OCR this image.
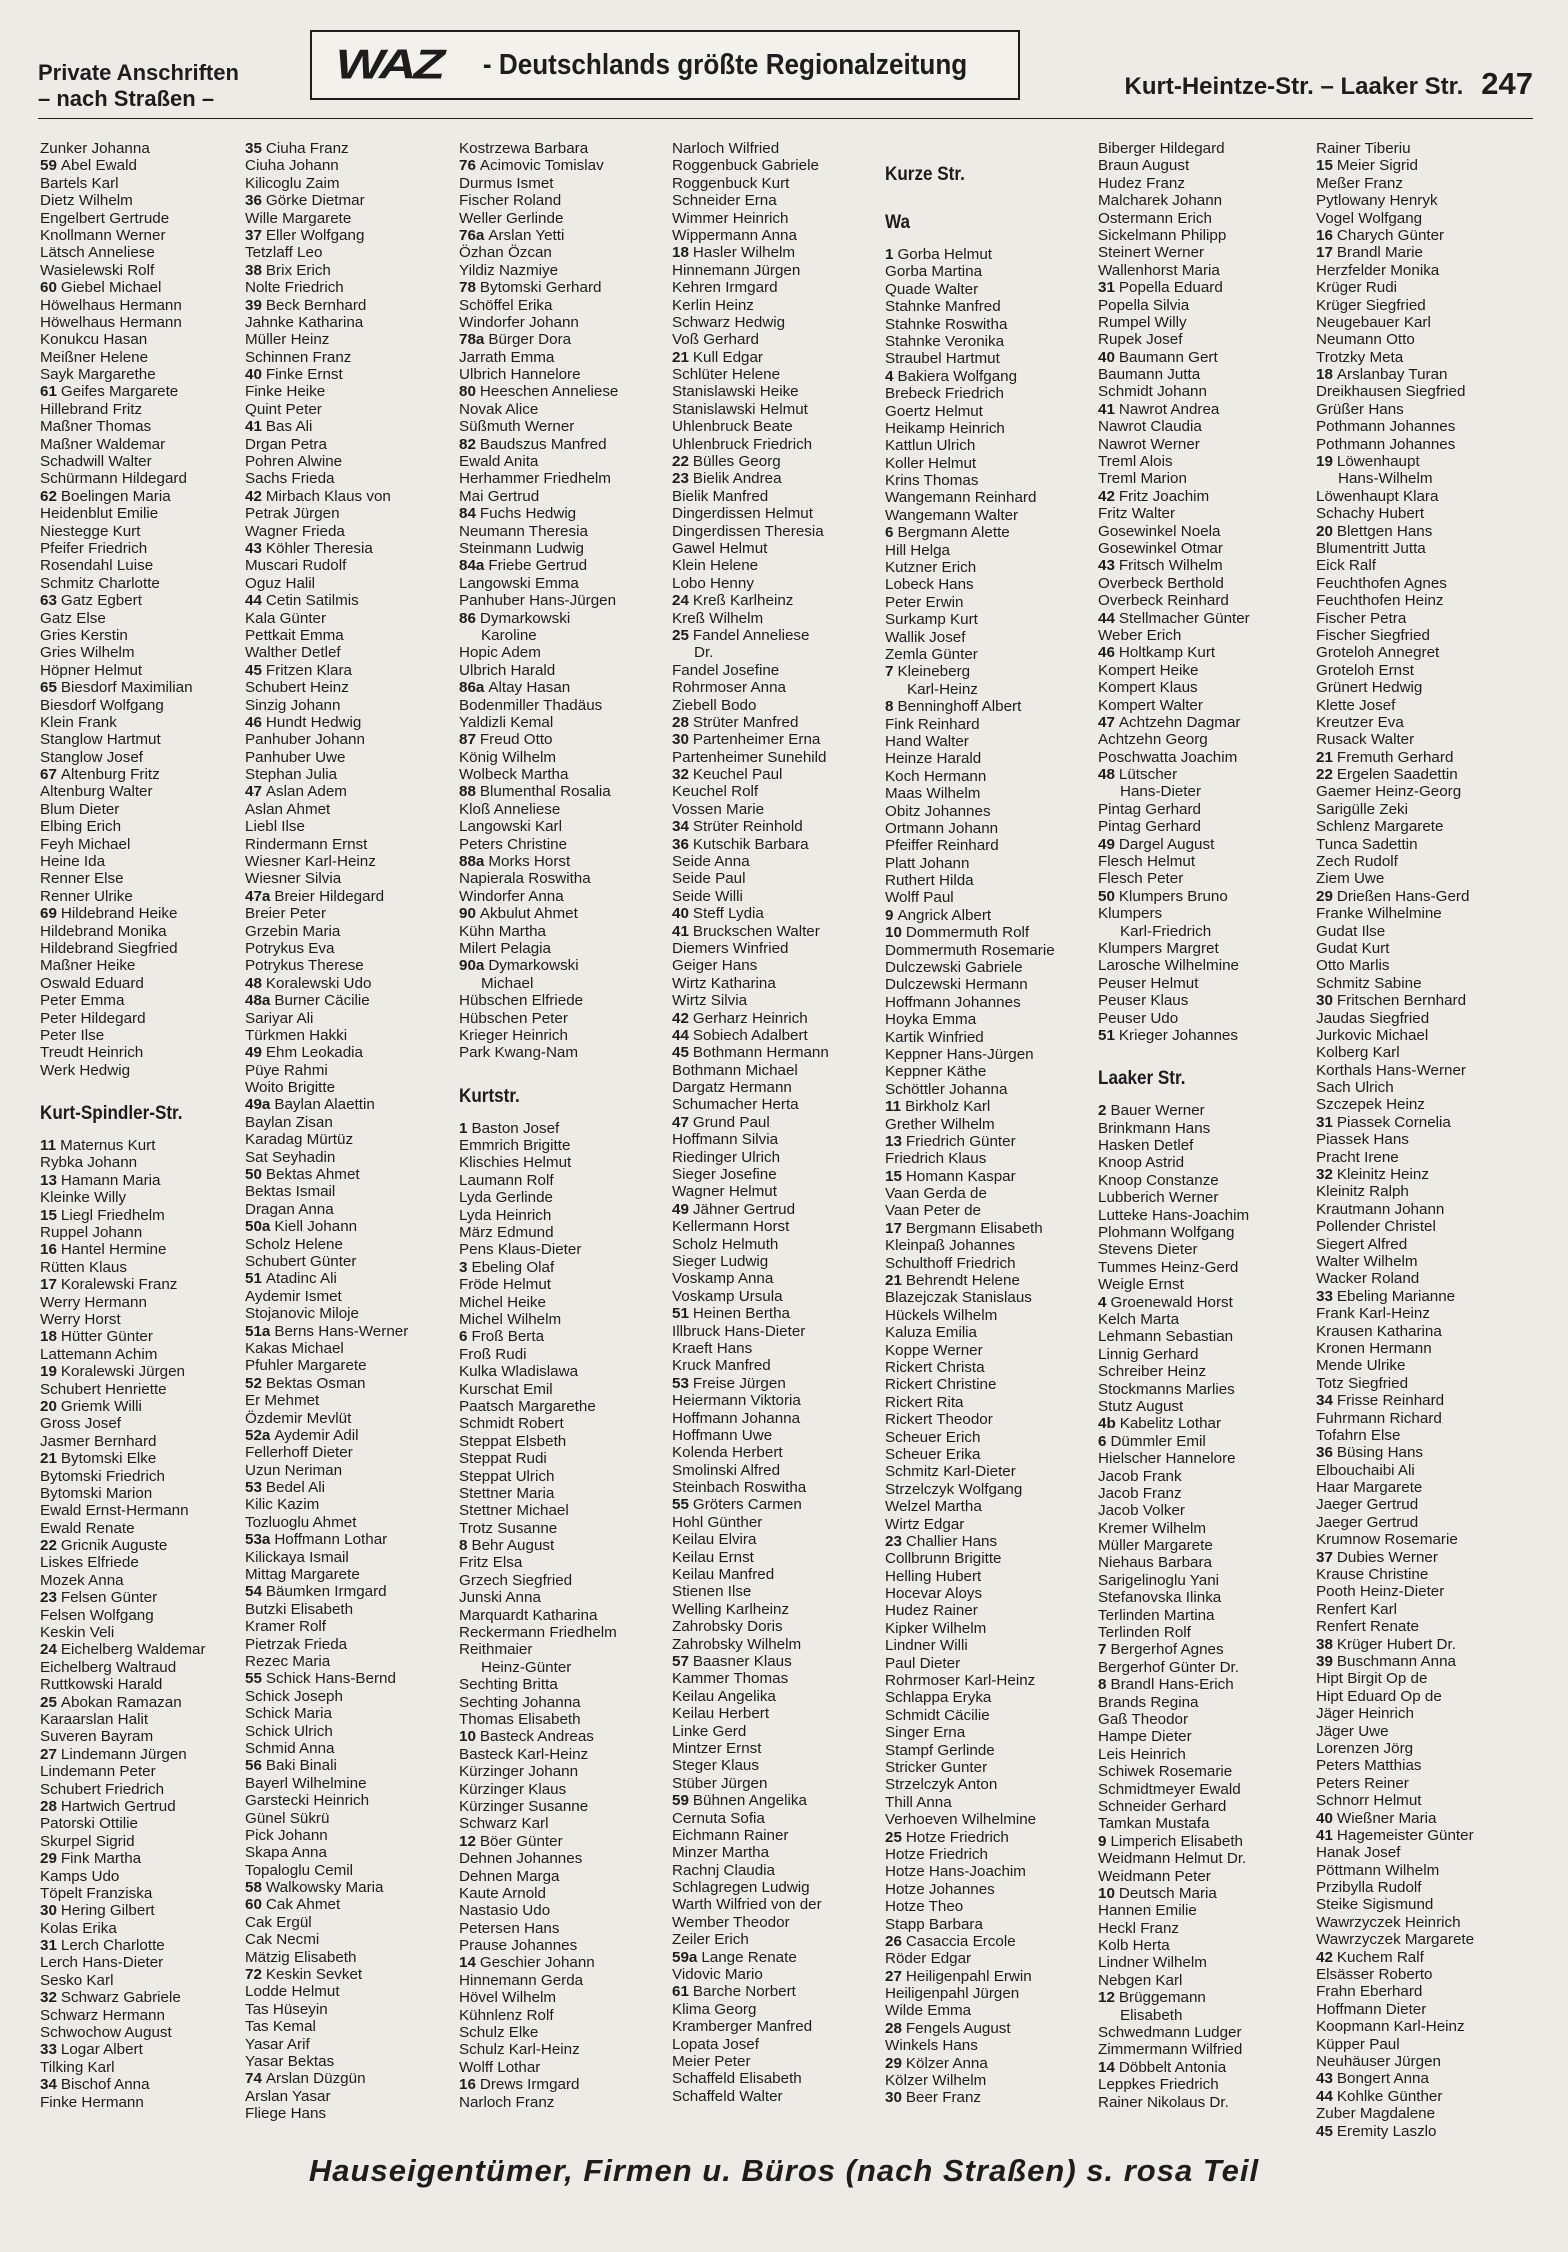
Private Anschriften
– nach Straßen –
WAZ - Deutschlands größte Regionalzeitung
Kurt-Heintze-Str. – Laaker Str. 247
Zunker Johanna
59 Abel Ewald
Bartels Karl
Dietz Wilhelm
Engelbert Gertrude
Knollmann Werner
Lätsch Anneliese
Wasielewski Rolf
60 Giebel Michael
Höwelhaus Hermann
Höwelhaus Hermann
Konukcu Hasan
Meißner Helene
Sayk Margarethe
61 Geifes Margarete
Hillebrand Fritz
Maßner Thomas
Maßner Waldemar
Schadwill Walter
Schürmann Hildegard
62 Boelingen Maria
Heidenblut Emilie
Niestegge Kurt
Pfeifer Friedrich
Rosendahl Luise
Schmitz Charlotte
63 Gatz Egbert
Gatz Else
Gries Kerstin
Gries Wilhelm
Höpner Helmut
65 Biesdorf Maximilian
Biesdorf Wolfgang
Klein Frank
Stanglow Hartmut
Stanglow Josef
67 Altenburg Fritz
Altenburg Walter
Blum Dieter
Elbing Erich
Feyh Michael
Heine Ida
Renner Else
Renner Ulrike
69 Hildebrand Heike
Hildebrand Monika
Hildebrand Siegfried
Maßner Heike
Oswald Eduard
Peter Emma
Peter Hildegard
Peter Ilse
Treudt Heinrich
Werk Hedwig
Kurt-Spindler-Str.
11 Maternus Kurt
Rybka Johann
13 Hamann Maria
Kleinke Willy
15 Liegl Friedhelm
Ruppel Johann
16 Hantel Hermine
Rütten Klaus
17 Koralewski Franz
Werry Hermann
Werry Horst
18 Hütter Günter
Lattemann Achim
19 Koralewski Jürgen
Schubert Henriette
20 Griemk Willi
Gross Josef
Jasmer Bernhard
21 Bytomski Elke
Bytomski Friedrich
Bytomski Marion
Ewald Ernst-Hermann
Ewald Renate
22 Gricnik Auguste
Liskes Elfriede
Mozek Anna
23 Felsen Günter
Felsen Wolfgang
Keskin Veli
24 Eichelberg Waldemar
Eichelberg Waltraud
Ruttkowski Harald
25 Abokan Ramazan
Karaarslan Halit
Suveren Bayram
27 Lindemann Jürgen
Lindemann Peter
Schubert Friedrich
28 Hartwich Gertrud
Patorski Ottilie
Skurpel Sigrid
29 Fink Martha
Kamps Udo
Töpelt Franziska
30 Hering Gilbert
Kolas Erika
31 Lerch Charlotte
Lerch Hans-Dieter
Sesko Karl
32 Schwarz Gabriele
Schwarz Hermann
Schwochow August
33 Logar Albert
Tilking Karl
34 Bischof Anna
Finke Hermann
35 Ciuha Franz
Ciuha Johann
Kilicoglu Zaim
36 Görke Dietmar
Wille Margarete
37 Eller Wolfgang
Tetzlaff Leo
38 Brix Erich
Nolte Friedrich
39 Beck Bernhard
Jahnke Katharina
Müller Heinz
Schinnen Franz
40 Finke Ernst
Finke Heike
Quint Peter
41 Bas Ali
Drgan Petra
Pohren Alwine
Sachs Frieda
42 Mirbach Klaus von
Petrak Jürgen
Wagner Frieda
43 Köhler Theresia
Muscari Rudolf
Oguz Halil
44 Cetin Satilmis
Kala Günter
Pettkait Emma
Walther Detlef
45 Fritzen Klara
Schubert Heinz
Sinzig Johann
46 Hundt Hedwig
Panhuber Johann
Panhuber Uwe
Stephan Julia
47 Aslan Adem
Aslan Ahmet
Liebl Ilse
Rindermann Ernst
Wiesner Karl-Heinz
Wiesner Silvia
47a Breier Hildegard
Breier Peter
Grzebin Maria
Potrykus Eva
Potrykus Therese
48 Koralewski Udo
48a Burner Cäcilie
Sariyar Ali
Türkmen Hakki
49 Ehm Leokadia
Püye Rahmi
Woito Brigitte
49a Baylan Alaettin
Baylan Zisan
Karadag Mürtüz
Sat Seyhadin
50 Bektas Ahmet
Bektas Ismail
Dragan Anna
50a Kiell Johann
Scholz Helene
Schubert Günter
51 Atadinc Ali
Aydemir Ismet
Stojanovic Miloje
51a Berns Hans-Werner
Kakas Michael
Pfuhler Margarete
52 Bektas Osman
Er Mehmet
Özdemir Mevlüt
52a Aydemir Adil
Fellerhoff Dieter
Uzun Neriman
53 Bedel Ali
Kilic Kazim
Tozluoglu Ahmet
53a Hoffmann Lothar
Kilickaya Ismail
Mittag Margarete
54 Bäumken Irmgard
Butzki Elisabeth
Kramer Rolf
Pietrzak Frieda
Rezec Maria
55 Schick Hans-Bernd
Schick Joseph
Schick Maria
Schick Ulrich
Schmid Anna
56 Baki Binali
Bayerl Wilhelmine
Garstecki Heinrich
Günel Sükrü
Pick Johann
Skapa Anna
Topaloglu Cemil
58 Walkowsky Maria
60 Cak Ahmet
Cak Ergül
Cak Necmi
Mätzig Elisabeth
72 Keskin Sevket
Lodde Helmut
Tas Hüseyin
Tas Kemal
Yasar Arif
Yasar Bektas
74 Arslan Düzgün
Arslan Yasar
Fliege Hans
Kostrzewa Barbara
76 Acimovic Tomislav
Durmus Ismet
Fischer Roland
Weller Gerlinde
76a Arslan Yetti
Özhan Özcan
Yildiz Nazmiye
78 Bytomski Gerhard
Schöffel Erika
Windorfer Johann
78a Bürger Dora
Jarrath Emma
Ulbrich Hannelore
80 Heeschen Anneliese
Novak Alice
Süßmuth Werner
82 Baudszus Manfred
Ewald Anita
Herhammer Friedhelm
Mai Gertrud
84 Fuchs Hedwig
Neumann Theresia
Steinmann Ludwig
84a Friebe Gertrud
Langowski Emma
Panhuber Hans-Jürgen
86 Dymarkowski
Karoline
Hopic Adem
Ulbrich Harald
86a Altay Hasan
Bodenmiller Thadäus
Yaldizli Kemal
87 Freud Otto
König Wilhelm
Wolbeck Martha
88 Blumenthal Rosalia
Kloß Anneliese
Langowski Karl
Peters Christine
88a Morks Horst
Napierala Roswitha
Windorfer Anna
90 Akbulut Ahmet
Kühn Martha
Milert Pelagia
90a Dymarkowski
Michael
Hübschen Elfriede
Hübschen Peter
Krieger Heinrich
Park Kwang-Nam
Kurtstr.
1 Baston Josef
Emmrich Brigitte
Klischies Helmut
Laumann Rolf
Lyda Gerlinde
Lyda Heinrich
März Edmund
Pens Klaus-Dieter
3 Ebeling Olaf
Fröde Helmut
Michel Heike
Michel Wilhelm
6 Froß Berta
Froß Rudi
Kulka Wladislawa
Kurschat Emil
Paatsch Margarethe
Schmidt Robert
Steppat Elsbeth
Steppat Rudi
Steppat Ulrich
Stettner Maria
Stettner Michael
Trotz Susanne
8 Behr August
Fritz Elsa
Grzech Siegfried
Junski Anna
Marquardt Katharina
Reckermann Friedhelm
Reithmaier
Heinz-Günter
Sechting Britta
Sechting Johanna
Thomas Elisabeth
10 Basteck Andreas
Basteck Karl-Heinz
Kürzinger Johann
Kürzinger Klaus
Kürzinger Susanne
Schwarz Karl
12 Böer Günter
Dehnen Johannes
Dehnen Marga
Kaute Arnold
Nastasio Udo
Petersen Hans
Prause Johannes
14 Geschier Johann
Hinnemann Gerda
Hövel Wilhelm
Kühnlenz Rolf
Schulz Elke
Schulz Karl-Heinz
Wolff Lothar
16 Drews Irmgard
Narloch Franz
Narloch Wilfried
Roggenbuck Gabriele
Roggenbuck Kurt
Schneider Erna
Wimmer Heinrich
Wippermann Anna
18 Hasler Wilhelm
Hinnemann Jürgen
Kehren Irmgard
Kerlin Heinz
Schwarz Hedwig
Voß Gerhard
21 Kull Edgar
Schlüter Helene
Stanislawski Heike
Stanislawski Helmut
Uhlenbruck Beate
Uhlenbruck Friedrich
22 Bülles Georg
23 Bielik Andrea
Bielik Manfred
Dingerdissen Helmut
Dingerdissen Theresia
Gawel Helmut
Klein Helene
Lobo Henny
24 Kreß Karlheinz
Kreß Wilhelm
25 Fandel Anneliese
Dr.
Fandel Josefine
Rohrmoser Anna
Ziebell Bodo
28 Strüter Manfred
30 Partenheimer Erna
Partenheimer Sunehild
32 Keuchel Paul
Keuchel Rolf
Vossen Marie
34 Strüter Reinhold
36 Kutschik Barbara
Seide Anna
Seide Paul
Seide Willi
40 Steff Lydia
41 Bruckschen Walter
Diemers Winfried
Geiger Hans
Wirtz Katharina
Wirtz Silvia
42 Gerharz Heinrich
44 Sobiech Adalbert
45 Bothmann Hermann
Bothmann Michael
Dargatz Hermann
Schumacher Herta
47 Grund Paul
Hoffmann Silvia
Riedinger Ulrich
Sieger Josefine
Wagner Helmut
49 Jähner Gertrud
Kellermann Horst
Scholz Helmuth
Sieger Ludwig
Voskamp Anna
Voskamp Ursula
51 Heinen Bertha
Illbruck Hans-Dieter
Kraeft Hans
Kruck Manfred
53 Freise Jürgen
Heiermann Viktoria
Hoffmann Johanna
Hoffmann Uwe
Kolenda Herbert
Smolinski Alfred
Steinbach Roswitha
55 Gröters Carmen
Hohl Günther
Keilau Elvira
Keilau Ernst
Keilau Manfred
Stienen Ilse
Welling Karlheinz
Zahrobsky Doris
Zahrobsky Wilhelm
57 Baasner Klaus
Kammer Thomas
Keilau Angelika
Keilau Herbert
Linke Gerd
Mintzer Ernst
Steger Klaus
Stüber Jürgen
59 Bühnen Angelika
Cernuta Sofia
Eichmann Rainer
Minzer Martha
Rachnj Claudia
Schlagregen Ludwig
Warth Wilfried von der
Wember Theodor
Zeiler Erich
59a Lange Renate
Vidovic Mario
61 Barche Norbert
Klima Georg
Kramberger Manfred
Lopata Josef
Meier Peter
Schaffeld Elisabeth
Schaffeld Walter
Kurze Str.
Wa
1 Gorba Helmut
Gorba Martina
Quade Walter
Stahnke Manfred
Stahnke Roswitha
Stahnke Veronika
Straubel Hartmut
4 Bakiera Wolfgang
Brebeck Friedrich
Goertz Helmut
Heikamp Heinrich
Kattlun Ulrich
Koller Helmut
Krins Thomas
Wangemann Reinhard
Wangemann Walter
6 Bergmann Alette
Hill Helga
Kutzner Erich
Lobeck Hans
Peter Erwin
Surkamp Kurt
Wallik Josef
Zemla Günter
7 Kleineberg
Karl-Heinz
8 Benninghoff Albert
Fink Reinhard
Hand Walter
Heinze Harald
Koch Hermann
Maas Wilhelm
Obitz Johannes
Ortmann Johann
Pfeiffer Reinhard
Platt Johann
Ruthert Hilda
Wolff Paul
9 Angrick Albert
10 Dommermuth Rolf
Dommermuth Rosemarie
Dulczewski Gabriele
Dulczewski Hermann
Hoffmann Johannes
Hoyka Emma
Kartik Winfried
Keppner Hans-Jürgen
Keppner Käthe
Schöttler Johanna
11 Birkholz Karl
Grether Wilhelm
13 Friedrich Günter
Friedrich Klaus
15 Homann Kaspar
Vaan Gerda de
Vaan Peter de
17 Bergmann Elisabeth
Kleinpaß Johannes
Schulthoff Friedrich
21 Behrendt Helene
Blazejczak Stanislaus
Hückels Wilhelm
Kaluza Emilia
Koppe Werner
Rickert Christa
Rickert Christine
Rickert Rita
Rickert Theodor
Scheuer Erich
Scheuer Erika
Schmitz Karl-Dieter
Strzelczyk Wolfgang
Welzel Martha
Wirtz Edgar
23 Challier Hans
Collbrunn Brigitte
Helling Hubert
Hocevar Aloys
Hudez Rainer
Kipker Wilhelm
Lindner Willi
Paul Dieter
Rohrmoser Karl-Heinz
Schlappa Eryka
Schmidt Cäcilie
Singer Erna
Stampf Gerlinde
Stricker Gunter
Strzelczyk Anton
Thill Anna
Verhoeven Wilhelmine
25 Hotze Friedrich
Hotze Friedrich
Hotze Hans-Joachim
Hotze Johannes
Hotze Theo
Stapp Barbara
26 Casaccia Ercole
Röder Edgar
27 Heiligenpahl Erwin
Heiligenpahl Jürgen
Wilde Emma
28 Fengels August
Winkels Hans
29 Kölzer Anna
Kölzer Wilhelm
30 Beer Franz
Biberger Hildegard
Braun August
Hudez Franz
Malcharek Johann
Ostermann Erich
Sickelmann Philipp
Steinert Werner
Wallenhorst Maria
31 Popella Eduard
Popella Silvia
Rumpel Willy
Rupek Josef
40 Baumann Gert
Baumann Jutta
Schmidt Johann
41 Nawrot Andrea
Nawrot Claudia
Nawrot Werner
Treml Alois
Treml Marion
42 Fritz Joachim
Fritz Walter
Gosewinkel Noela
Gosewinkel Otmar
43 Fritsch Wilhelm
Overbeck Berthold
Overbeck Reinhard
44 Stellmacher Günter
Weber Erich
46 Holtkamp Kurt
Kompert Heike
Kompert Klaus
Kompert Walter
47 Achtzehn Dagmar
Achtzehn Georg
Poschwatta Joachim
48 Lütscher
Hans-Dieter
Pintag Gerhard
Pintag Gerhard
49 Dargel August
Flesch Helmut
Flesch Peter
50 Klumpers Bruno
Klumpers
Karl-Friedrich
Klumpers Margret
Larosche Wilhelmine
Peuser Helmut
Peuser Klaus
Peuser Udo
51 Krieger Johannes
Laaker Str.
2 Bauer Werner
Brinkmann Hans
Hasken Detlef
Knoop Astrid
Knoop Constanze
Lubberich Werner
Lutteke Hans-Joachim
Plohmann Wolfgang
Stevens Dieter
Tummes Heinz-Gerd
Weigle Ernst
4 Groenewald Horst
Kelch Marta
Lehmann Sebastian
Linnig Gerhard
Schreiber Heinz
Stockmanns Marlies
Stutz August
4b Kabelitz Lothar
6 Dümmler Emil
Hielscher Hannelore
Jacob Frank
Jacob Franz
Jacob Volker
Kremer Wilhelm
Müller Margarete
Niehaus Barbara
Sarigelinoglu Yani
Stefanovska Ilinka
Terlinden Martina
Terlinden Rolf
7 Bergerhof Agnes
Bergerhof Günter Dr.
8 Brandl Hans-Erich
Brands Regina
Gaß Theodor
Hampe Dieter
Leis Heinrich
Schiwek Rosemarie
Schmidtmeyer Ewald
Schneider Gerhard
Tamkan Mustafa
9 Limperich Elisabeth
Weidmann Helmut Dr.
Weidmann Peter
10 Deutsch Maria
Hannen Emilie
Heckl Franz
Kolb Herta
Lindner Wilhelm
Nebgen Karl
12 Brüggemann
Elisabeth
Schwedmann Ludger
Zimmermann Wilfried
14 Döbbelt Antonia
Leppkes Friedrich
Rainer Nikolaus Dr.
Rainer Tiberiu
15 Meier Sigrid
Meßer Franz
Pytlowany Henryk
Vogel Wolfgang
16 Charych Günter
17 Brandl Marie
Herzfelder Monika
Krüger Rudi
Krüger Siegfried
Neugebauer Karl
Neumann Otto
Trotzky Meta
18 Arslanbay Turan
Dreikhausen Siegfried
Grüßer Hans
Pothmann Johannes
Pothmann Johannes
19 Löwenhaupt
Hans-Wilhelm
Löwenhaupt Klara
Schachy Hubert
20 Blettgen Hans
Blumentritt Jutta
Eick Ralf
Feuchthofen Agnes
Feuchthofen Heinz
Fischer Petra
Fischer Siegfried
Groteloh Annegret
Groteloh Ernst
Grünert Hedwig
Klette Josef
Kreutzer Eva
Rusack Walter
21 Fremuth Gerhard
22 Ergelen Saadettin
Gaemer Heinz-Georg
Sarigülle Zeki
Schlenz Margarete
Tunca Sadettin
Zech Rudolf
Ziem Uwe
29 Drießen Hans-Gerd
Franke Wilhelmine
Gudat Ilse
Gudat Kurt
Otto Marlis
Schmitz Sabine
30 Fritschen Bernhard
Jaudas Siegfried
Jurkovic Michael
Kolberg Karl
Korthals Hans-Werner
Sach Ulrich
Szczepek Heinz
31 Piassek Cornelia
Piassek Hans
Pracht Irene
32 Kleinitz Heinz
Kleinitz Ralph
Krautmann Johann
Pollender Christel
Siegert Alfred
Walter Wilhelm
Wacker Roland
33 Ebeling Marianne
Frank Karl-Heinz
Krausen Katharina
Kronen Hermann
Mende Ulrike
Totz Siegfried
34 Frisse Reinhard
Fuhrmann Richard
Tofahrn Else
36 Büsing Hans
Elbouchaibi Ali
Haar Margarete
Jaeger Gertrud
Jaeger Gertrud
Krumnow Rosemarie
37 Dubies Werner
Krause Christine
Pooth Heinz-Dieter
Renfert Karl
Renfert Renate
38 Krüger Hubert Dr.
39 Buschmann Anna
Hipt Birgit Op de
Hipt Eduard Op de
Jäger Heinrich
Jäger Uwe
Lorenzen Jörg
Peters Matthias
Peters Reiner
Schnorr Helmut
40 Wießner Maria
41 Hagemeister Günter
Hanak Josef
Pöttmann Wilhelm
Przibylla Rudolf
Steike Sigismund
Wawrzyczek Heinrich
Wawrzyczek Margarete
42 Kuchem Ralf
Elsässer Roberto
Frahn Eberhard
Hoffmann Dieter
Koopmann Karl-Heinz
Küpper Paul
Neuhäuser Jürgen
43 Bongert Anna
44 Kohlke Günther
Zuber Magdalene
45 Eremity Laszlo
Hauseigentümer, Firmen u. Büros (nach Straßen) s. rosa Teil
